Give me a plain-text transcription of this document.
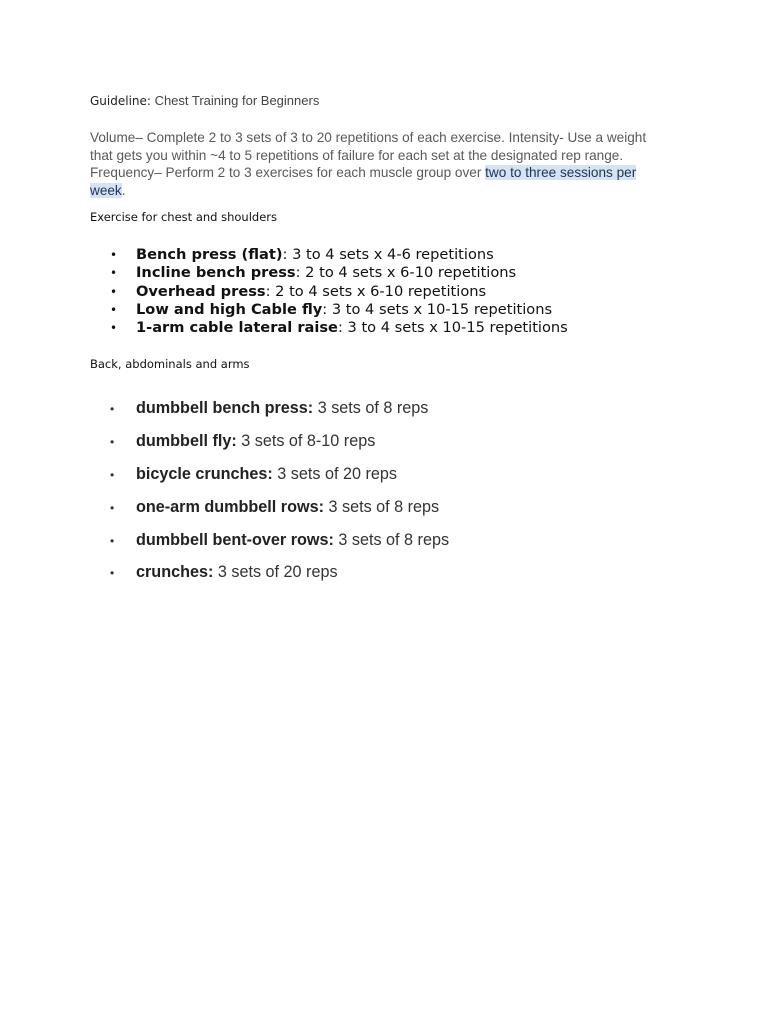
Guideline: Chest Training for Beginners
Volume– Complete 2 to 3 sets of 3 to 20 repetitions of each exercise. Intensity- Use a weight that gets you within ~4 to 5 repetitions of failure for each set at the designated rep range. Frequency– Perform 2 to 3 exercises for each muscle group over two to three sessions per week.
Exercise for chest and shoulders
• Bench press (flat): 3 to 4 sets x 4-6 repetitions
• Incline bench press: 2 to 4 sets x 6-10 repetitions
• Overhead press: 2 to 4 sets x 6-10 repetitions
• Low and high Cable fly: 3 to 4 sets x 10-15 repetitions
• 1-arm cable lateral raise: 3 to 4 sets x 10-15 repetitions
Back, abdominals and arms
• dumbbell bench press: 3 sets of 8 reps
• dumbbell fly: 3 sets of 8-10 reps
• bicycle crunches: 3 sets of 20 reps
• one-arm dumbbell rows: 3 sets of 8 reps
• dumbbell bent-over rows: 3 sets of 8 reps
• crunches: 3 sets of 20 reps
